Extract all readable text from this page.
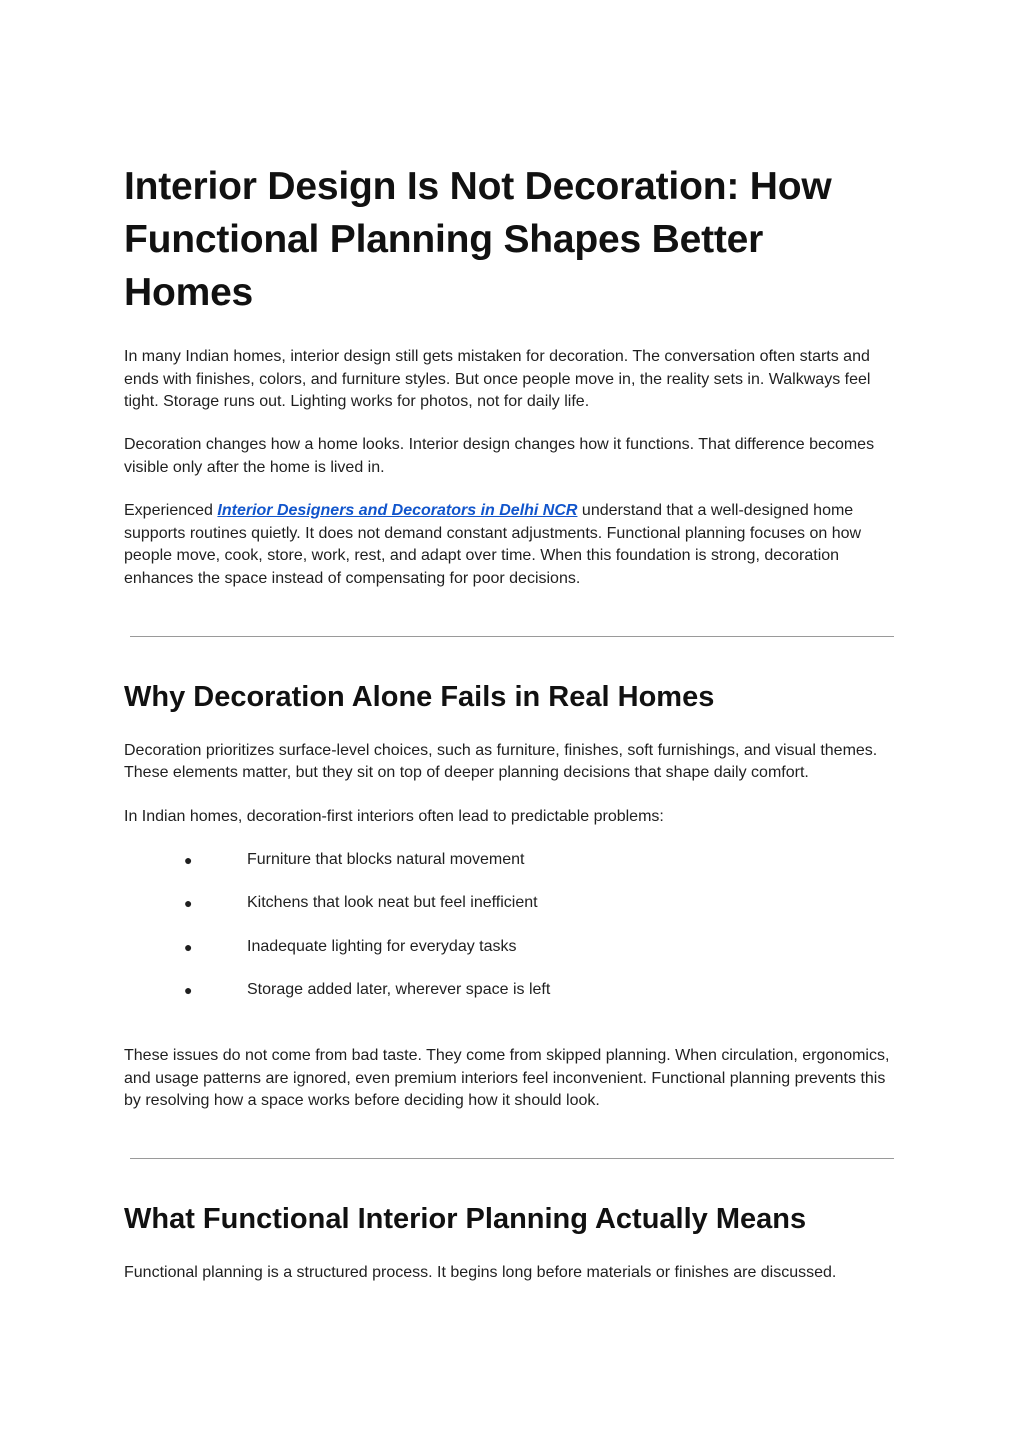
Interior Design Is Not Decoration: How Functional Planning Shapes Better Homes

In many Indian homes, interior design still gets mistaken for decoration. The conversation often starts and ends with finishes, colors, and furniture styles. But once people move in, the reality sets in. Walkways feel tight. Storage runs out. Lighting works for photos, not for daily life.

Decoration changes how a home looks. Interior design changes how it functions. That difference becomes visible only after the home is lived in.

Experienced Interior Designers and Decorators in Delhi NCR understand that a well-designed home supports routines quietly. It does not demand constant adjustments. Functional planning focuses on how people move, cook, store, work, rest, and adapt over time. When this foundation is strong, decoration enhances the space instead of compensating for poor decisions.

Why Decoration Alone Fails in Real Homes

Decoration prioritizes surface-level choices, such as furniture, finishes, soft furnishings, and visual themes. These elements matter, but they sit on top of deeper planning decisions that shape daily comfort.

In Indian homes, decoration-first interiors often lead to predictable problems:

●	Furniture that blocks natural movement
●	Kitchens that look neat but feel inefficient
●	Inadequate lighting for everyday tasks
●	Storage added later, wherever space is left

These issues do not come from bad taste. They come from skipped planning. When circulation, ergonomics, and usage patterns are ignored, even premium interiors feel inconvenient. Functional planning prevents this by resolving how a space works before deciding how it should look.

What Functional Interior Planning Actually Means

Functional planning is a structured process. It begins long before materials or finishes are discussed.
